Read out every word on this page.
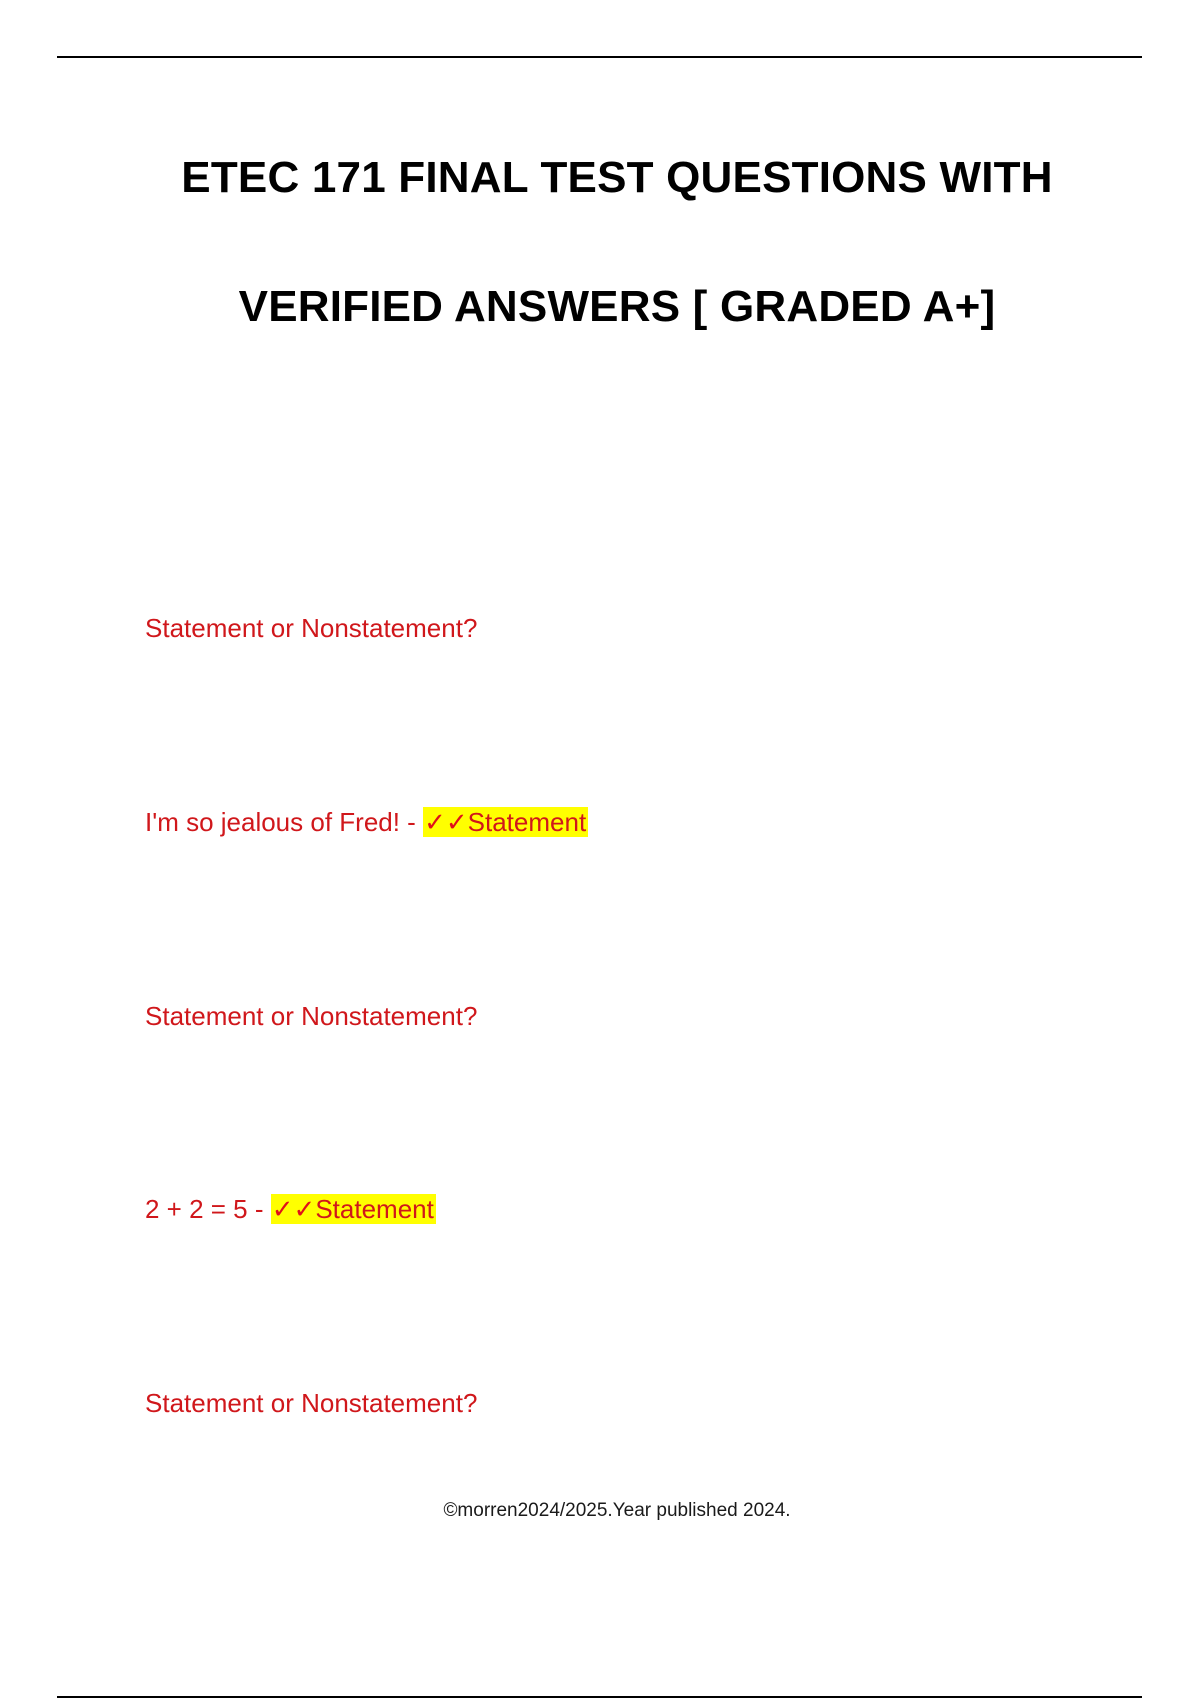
ETEC 171 FINAL TEST QUESTIONS WITH
VERIFIED ANSWERS [ GRADED A+]
Statement or Nonstatement?
I'm so jealous of Fred! - ✓✓Statement
Statement or Nonstatement?
2 + 2 = 5 - ✓✓Statement
Statement or Nonstatement?
©morren2024/2025.Year published 2024.
